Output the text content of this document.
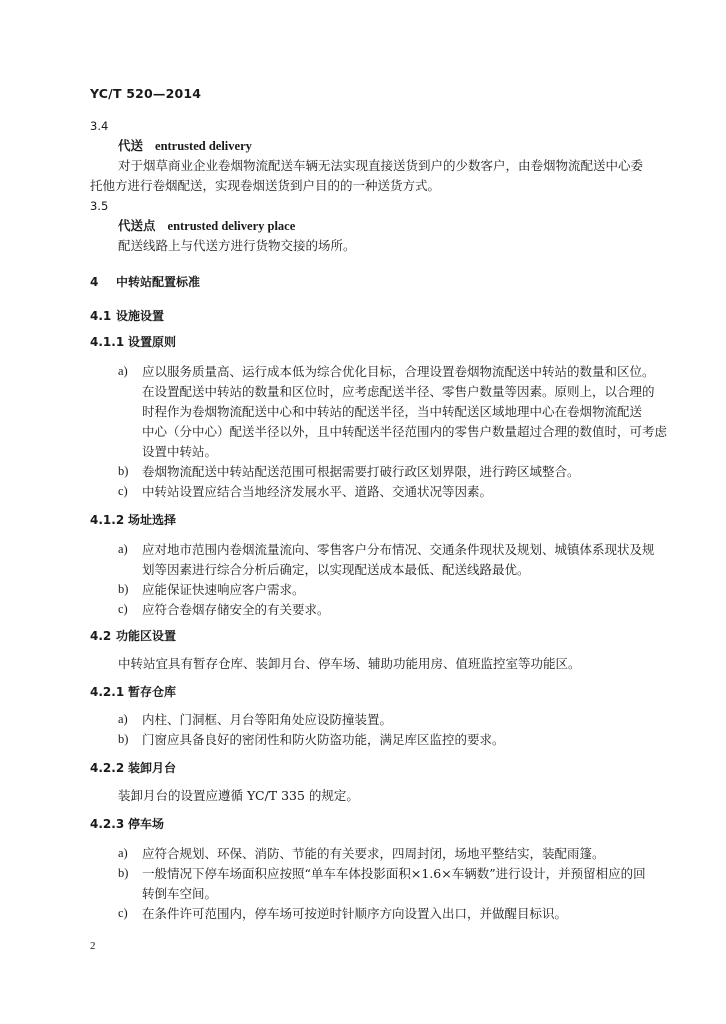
YC/T 520—2014
3.4
代送 entrusted delivery
对于烟草商业企业卷烟物流配送车辆无法实现直接送货到户的少数客户，由卷烟物流配送中心委
托他方进行卷烟配送，实现卷烟送货到户目的的一种送货方式。
3.5
代送点 entrusted delivery place
配送线路上与代送方进行货物交接的场所。
4 中转站配置标准
4.1 设施设置
4.1.1 设置原则
a) 应以服务质量高、运行成本低为综合优化目标，合理设置卷烟物流配送中转站的数量和区位。
在设置配送中转站的数量和区位时，应考虑配送半径、零售户数量等因素。原则上，以合理的
时程作为卷烟物流配送中心和中转站的配送半径，当中转配送区域地理中心在卷烟物流配送
中心（分中心）配送半径以外，且中转配送半径范围内的零售户数量超过合理的数值时，可考虑
设置中转站。
b) 卷烟物流配送中转站配送范围可根据需要打破行政区划界限，进行跨区域整合。
c) 中转站设置应结合当地经济发展水平、道路、交通状况等因素。
4.1.2 场址选择
a) 应对地市范围内卷烟流量流向、零售客户分布情况、交通条件现状及规划、城镇体系现状及规
划等因素进行综合分析后确定，以实现配送成本最低、配送线路最优。
b) 应能保证快速响应客户需求。
c) 应符合卷烟存储安全的有关要求。
4.2 功能区设置
中转站宜具有暂存仓库、装卸月台、停车场、辅助功能用房、值班监控室等功能区。
4.2.1 暂存仓库
a) 内柱、门洞框、月台等阳角处应设防撞装置。
b) 门窗应具备良好的密闭性和防火防盗功能，满足库区监控的要求。
4.2.2 装卸月台
装卸月台的设置应遵循 YC/T 335 的规定。
4.2.3 停车场
a) 应符合规划、环保、消防、节能的有关要求，四周封闭，场地平整结实，装配雨篷。
b) 一般情况下停车场面积应按照“单车车体投影面积×1.6×车辆数”进行设计，并预留相应的回
转倒车空间。
c) 在条件许可范围内，停车场可按逆时针顺序方向设置入出口，并做醒目标识。
2
